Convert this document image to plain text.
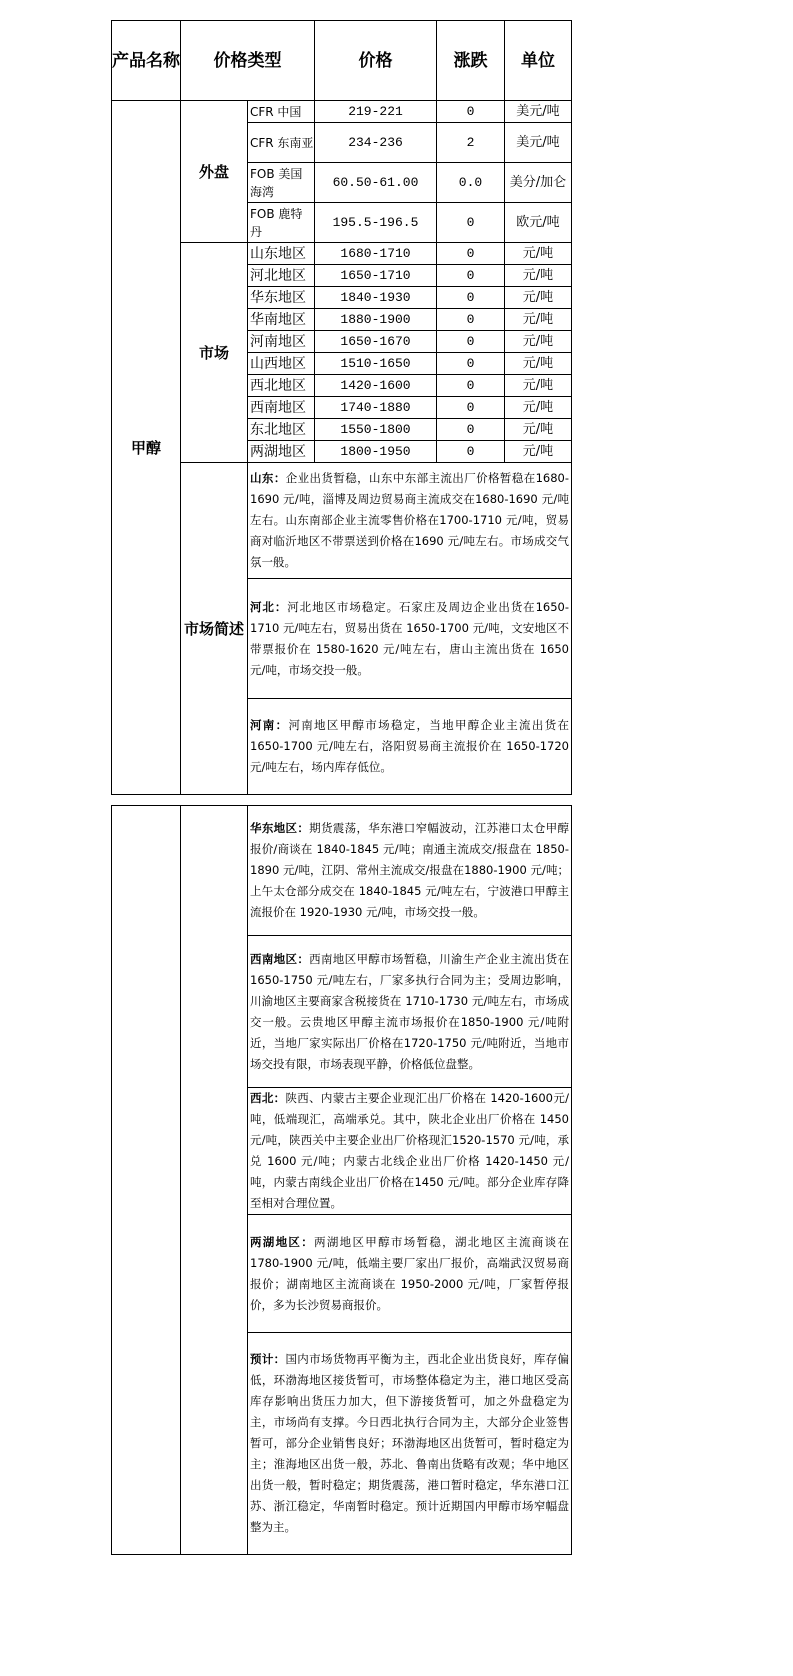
产品名称	价格类型		价格	涨跌	单位
甲醇	外盘	CFR 中国	219-221	0	美元/吨
		CFR 东南亚	234-236	2	美元/吨
		FOB 美国海湾	60.50-61.00	0.0	美分/加仑
		FOB 鹿特丹	195.5-196.5	0	欧元/吨
	市场	山东地区	1680-1710	0	元/吨
		河北地区	1650-1710	0	元/吨
		华东地区	1840-1930	0	元/吨
		华南地区	1880-1900	0	元/吨
		河南地区	1650-1670	0	元/吨
		山西地区	1510-1650	0	元/吨
		西北地区	1420-1600	0	元/吨
		西南地区	1740-1880	0	元/吨
		东北地区	1550-1800	0	元/吨
		两湖地区	1800-1950	0	元/吨
	市场简述	山东：企业出货暂稳，山东中东部主流出厂价格暂稳在1680-1690 元/吨，淄博及周边贸易商主流成交在1680-1690 元/吨左右。山东南部企业主流零售价格在1700-1710 元/吨，贸易商对临沂地区不带票送到价格在1690 元/吨左右。市场成交气氛一般。			
		河北：河北地区市场稳定。石家庄及周边企业出货在1650-1710 元/吨左右，贸易出货在 1650-1700 元/吨，文安地区不带票报价在 1580-1620 元/吨左右，唐山主流出货在 1650 元/吨，市场交投一般。			
		河南：河南地区甲醇市场稳定，当地甲醇企业主流出货在1650-1700 元/吨左右，洛阳贸易商主流报价在 1650-1720 元/吨左右，场内库存低位。			
		华东地区：期货震荡，华东港口窄幅波动，江苏港口太仓甲醇报价/商谈在 1840-1845 元/吨；南通主流成交/报盘在 1850-1890 元/吨，江阴、常州主流成交/报盘在1880-1900 元/吨；上午太仓部分成交在 1840-1845 元/吨左右，宁波港口甲醇主流报价在 1920-1930 元/吨，市场交投一般。
西南地区：西南地区甲醇市场暂稳，川渝生产企业主流出货在 1650-1750 元/吨左右，厂家多执行合同为主；受周边影响，川渝地区主要商家含税接货在 1710-1730 元/吨左右，市场成交一般。云贵地区甲醇主流市场报价在1850-1900 元/吨附近，当地厂家实际出厂价格在1720-1750 元/吨附近，当地市场交投有限，市场表现平静，价格低位盘整。
西北：陕西、内蒙古主要企业现汇出厂价格在 1420-1600元/吨，低端现汇，高端承兑。其中，陕北企业出厂价格在 1450 元/吨，陕西关中主要企业出厂价格现汇1520-1570 元/吨，承兑 1600 元/吨；内蒙古北线企业出厂价格 1420-1450 元/吨，内蒙古南线企业出厂价格在1450 元/吨。部分企业库存降至相对合理位置。
两湖地区：两湖地区甲醇市场暂稳，湖北地区主流商谈在1780-1900 元/吨，低端主要厂家出厂报价，高端武汉贸易商报价；湖南地区主流商谈在 1950-2000 元/吨，厂家暂停报价，多为长沙贸易商报价。
预计：国内市场货物再平衡为主，西北企业出货良好，库存偏低，环渤海地区接货暂可，市场整体稳定为主，港口地区受高库存影响出货压力加大，但下游接货暂可，加之外盘稳定为主，市场尚有支撑。今日西北执行合同为主，大部分企业签售暂可，部分企业销售良好；环渤海地区出货暂可，暂时稳定为主；淮海地区出货一般，苏北、鲁南出货略有改观；华中地区出货一般，暂时稳定；期货震荡，港口暂时稳定，华东港口江苏、浙江稳定，华南暂时稳定。预计近期国内甲醇市场窄幅盘整为主。
